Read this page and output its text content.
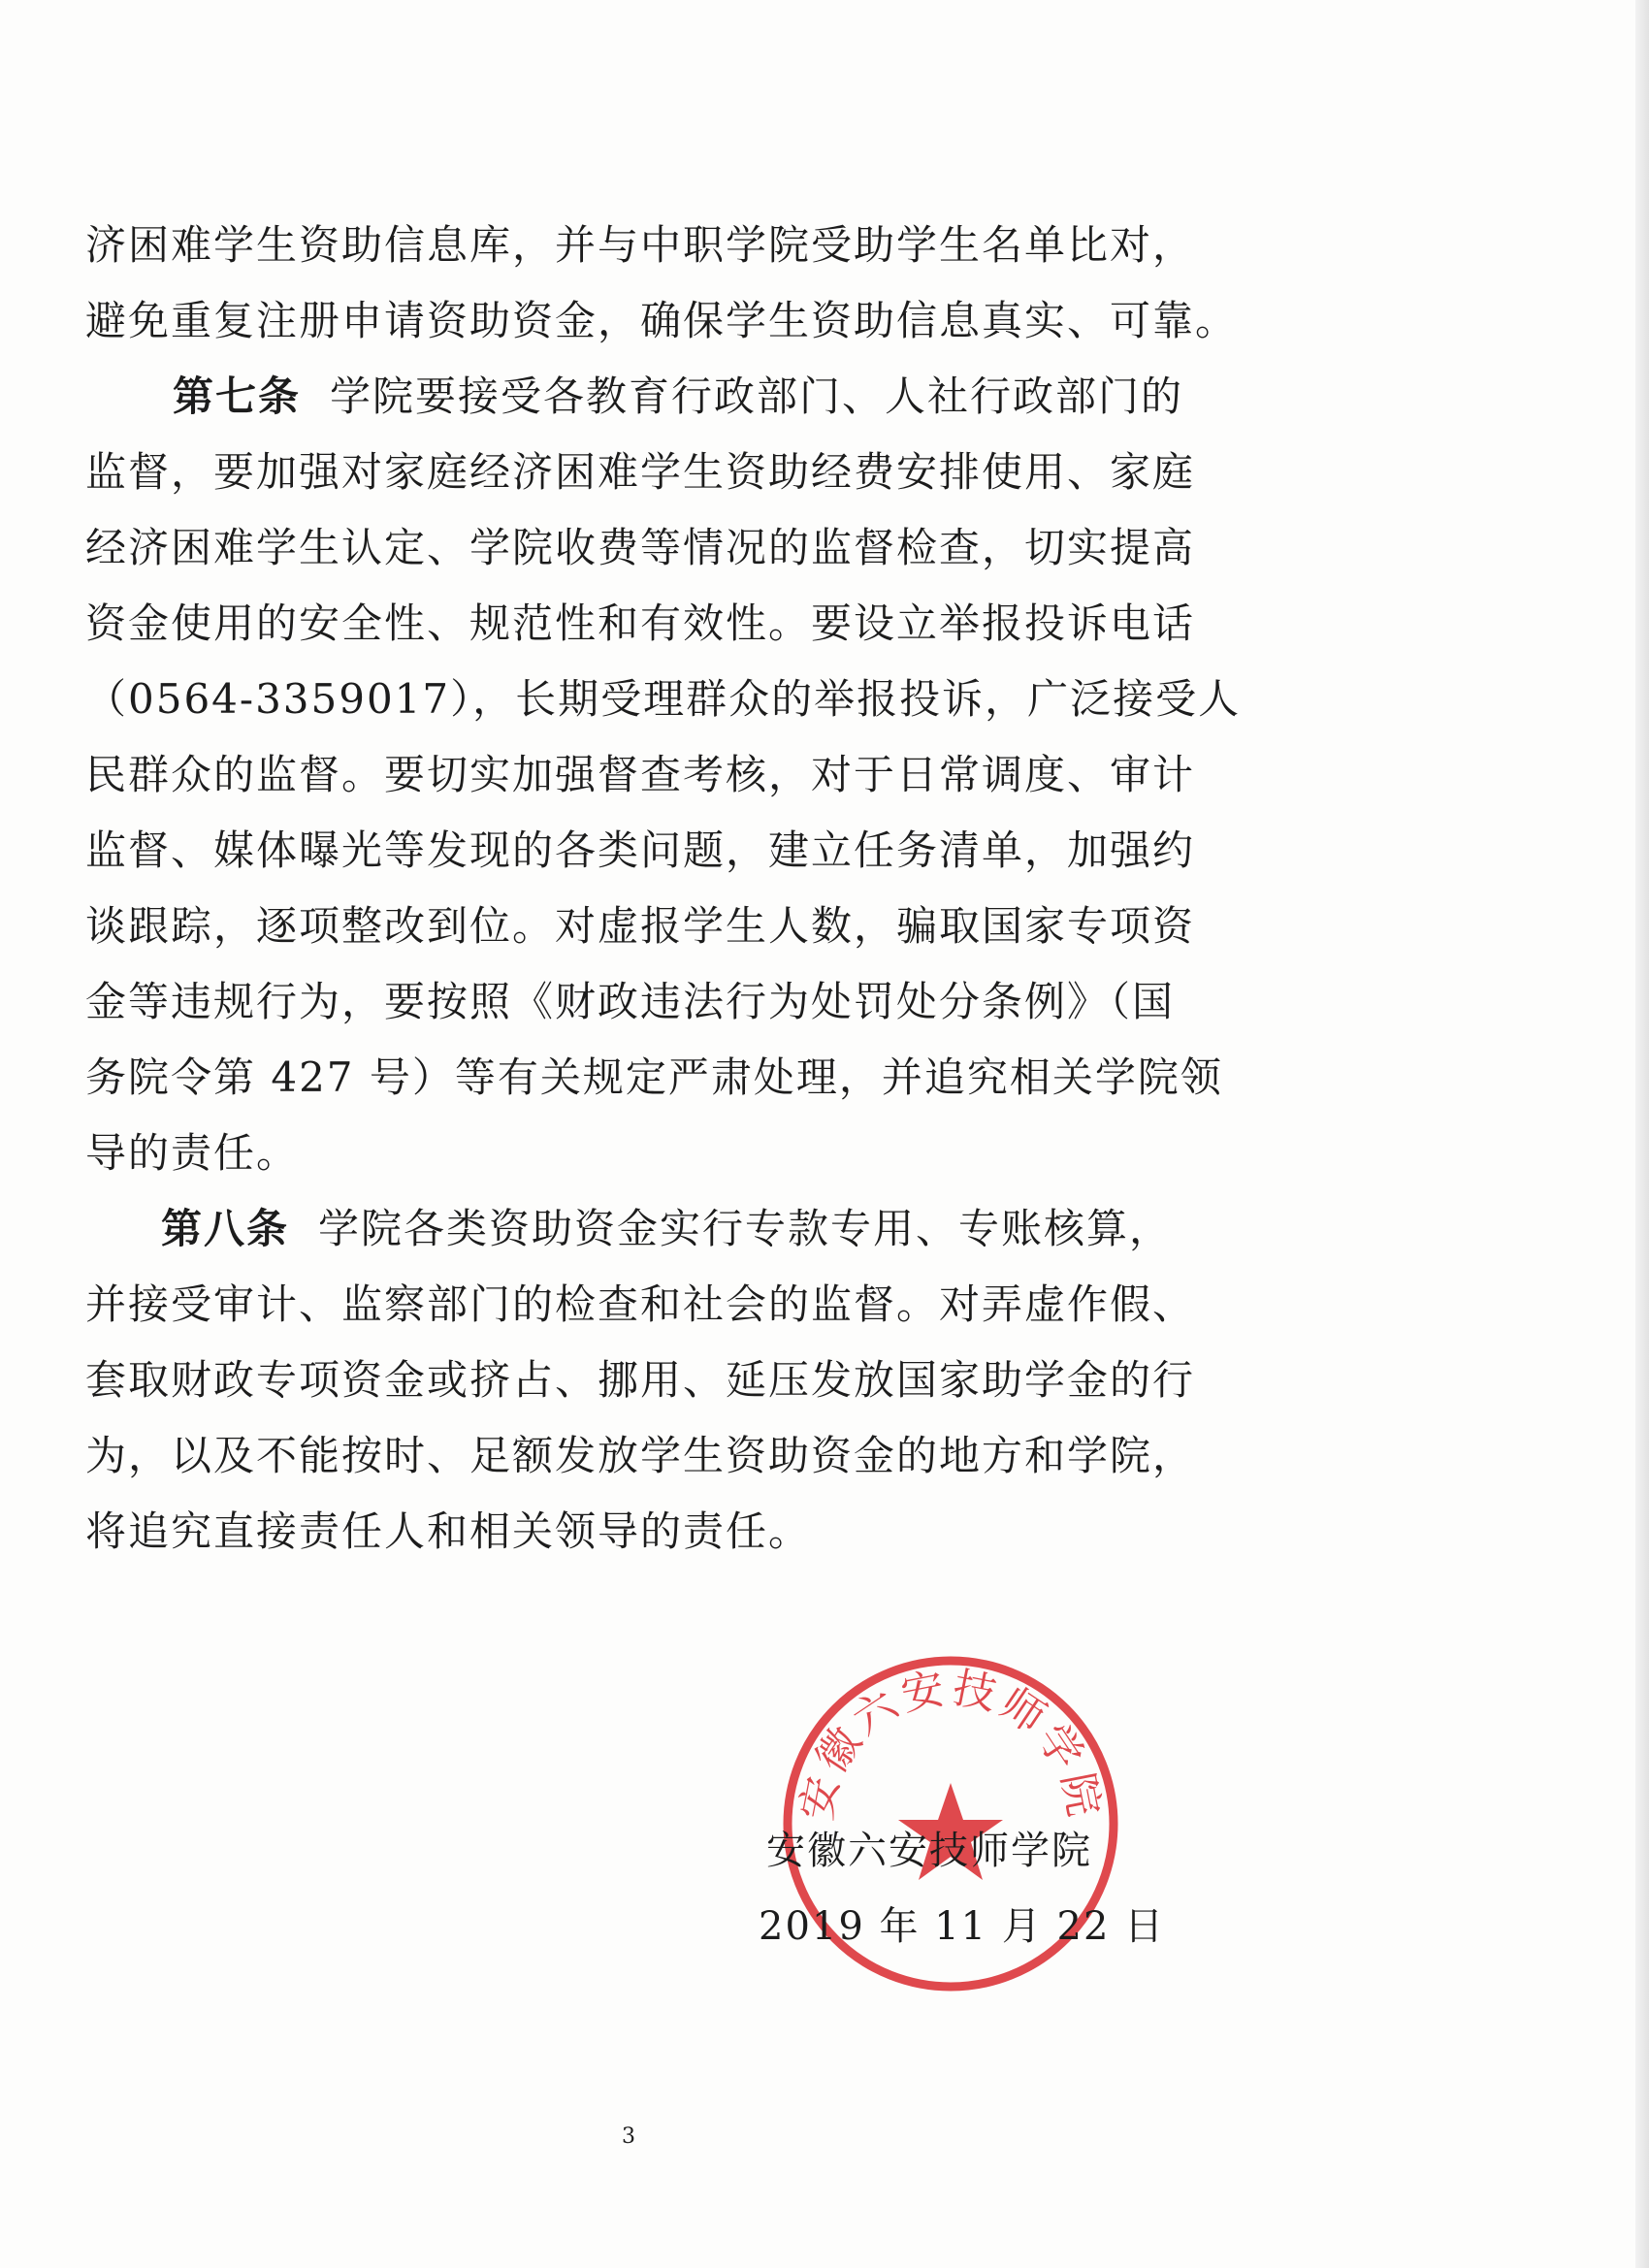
济困难学生资助信息库，并与中职学院受助学生名单比对，
避免重复注册申请资助资金，确保学生资助信息真实、可靠。
第七条 学院要接受各教育行政部门、人社行政部门的
监督，要加强对家庭经济困难学生资助经费安排使用、家庭
经济困难学生认定、学院收费等情况的监督检查，切实提高
资金使用的安全性、规范性和有效性。要设立举报投诉电话
（0564-3359017），长期受理群众的举报投诉，广泛接受人
民群众的监督。要切实加强督查考核，对于日常调度、审计
监督、媒体曝光等发现的各类问题，建立任务清单，加强约
谈跟踪，逐项整改到位。对虚报学生人数，骗取国家专项资
金等违规行为，要按照《财政违法行为处罚处分条例》（国
务院令第 427 号）等有关规定严肃处理，并追究相关学院领
导的责任。
第八条 学院各类资助资金实行专款专用、专账核算，
并接受审计、监察部门的检查和社会的监督。对弄虚作假、
套取财政专项资金或挤占、挪用、延压发放国家助学金的行
为，以及不能按时、足额发放学生资助资金的地方和学院，
将追究直接责任人和相关领导的责任。
安徽六安技师学院
安徽六安技师学院
2019 年 11 月 22 日
3
